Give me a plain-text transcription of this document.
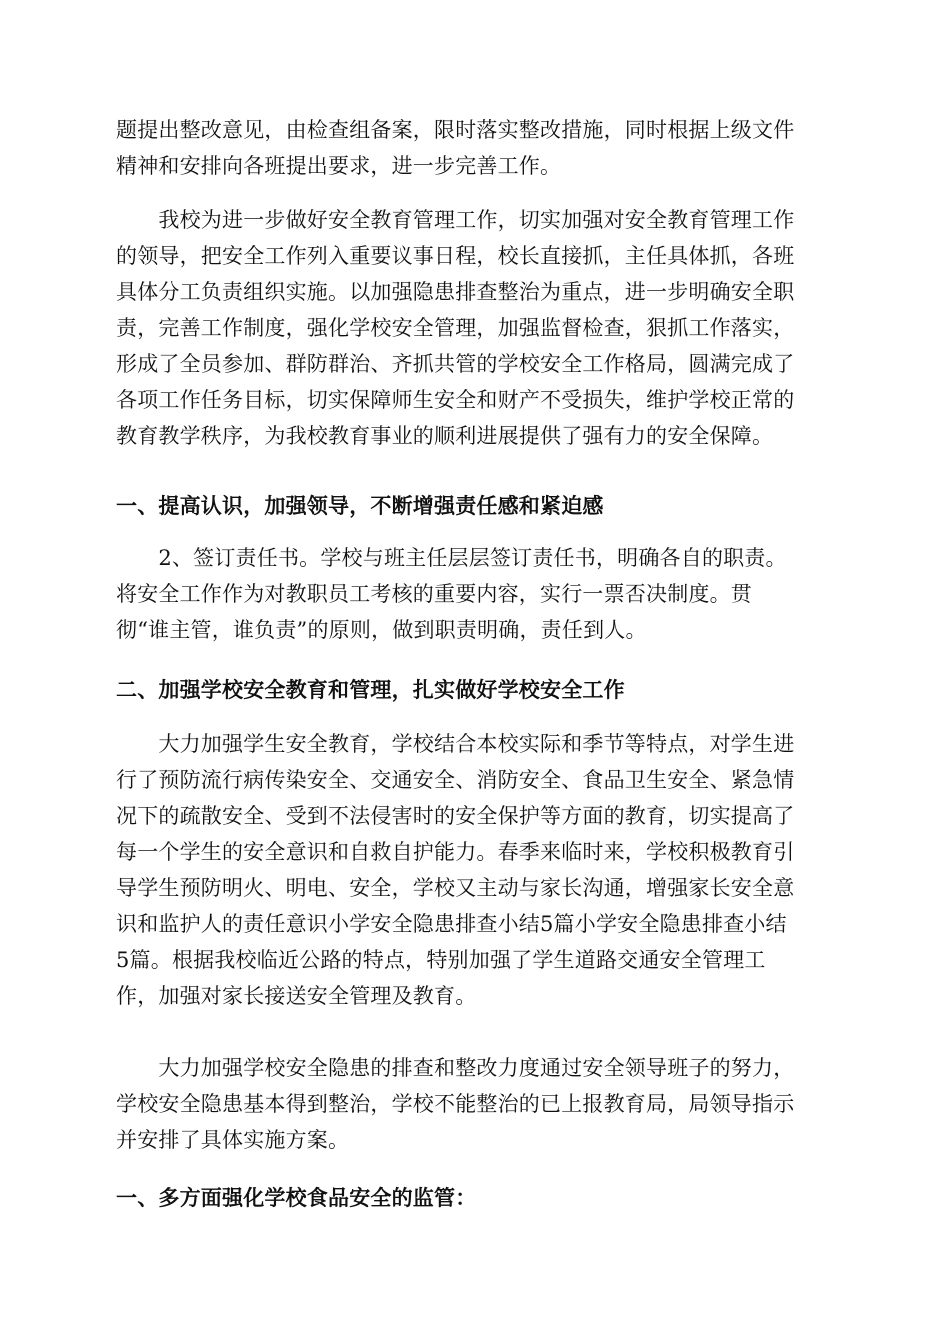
题提出整改意见，由检查组备案，限时落实整改措施，同时根据上级文件
精神和安排向各班提出要求，进一步完善工作。
　　我校为进一步做好安全教育管理工作，切实加强对安全教育管理工作
的领导，把安全工作列入重要议事日程，校长直接抓，主任具体抓，各班
具体分工负责组织实施。以加强隐患排查整治为重点，进一步明确安全职
责，完善工作制度，强化学校安全管理，加强监督检查，狠抓工作落实，
形成了全员参加、群防群治、齐抓共管的学校安全工作格局，圆满完成了
各项工作任务目标，切实保障师生安全和财产不受损失，维护学校正常的
教育教学秩序，为我校教育事业的顺利进展提供了强有力的安全保障。
一、提高认识，加强领导，不断增强责任感和紧迫感
　　2、签订责任书。学校与班主任层层签订责任书，明确各自的职责。
将安全工作作为对教职员工考核的重要内容，实行一票否决制度。贯
彻“谁主管，谁负责”的原则，做到职责明确，责任到人。
二、加强学校安全教育和管理，扎实做好学校安全工作
　　大力加强学生安全教育，学校结合本校实际和季节等特点，对学生进
行了预防流行病传染安全、交通安全、消防安全、食品卫生安全、紧急情
况下的疏散安全、受到不法侵害时的安全保护等方面的教育，切实提高了
每一个学生的安全意识和自救自护能力。春季来临时来，学校积极教育引
导学生预防明火、明电、安全，学校又主动与家长沟通，增强家长安全意
识和监护人的责任意识小学安全隐患排查小结5篇小学安全隐患排查小结
5篇。根据我校临近公路的特点，特别加强了学生道路交通安全管理工
作，加强对家长接送安全管理及教育。
　　大力加强学校安全隐患的排查和整改力度通过安全领导班子的努力，
学校安全隐患基本得到整治，学校不能整治的已上报教育局，局领导指示
并安排了具体实施方案。
一、多方面强化学校食品安全的监管：
